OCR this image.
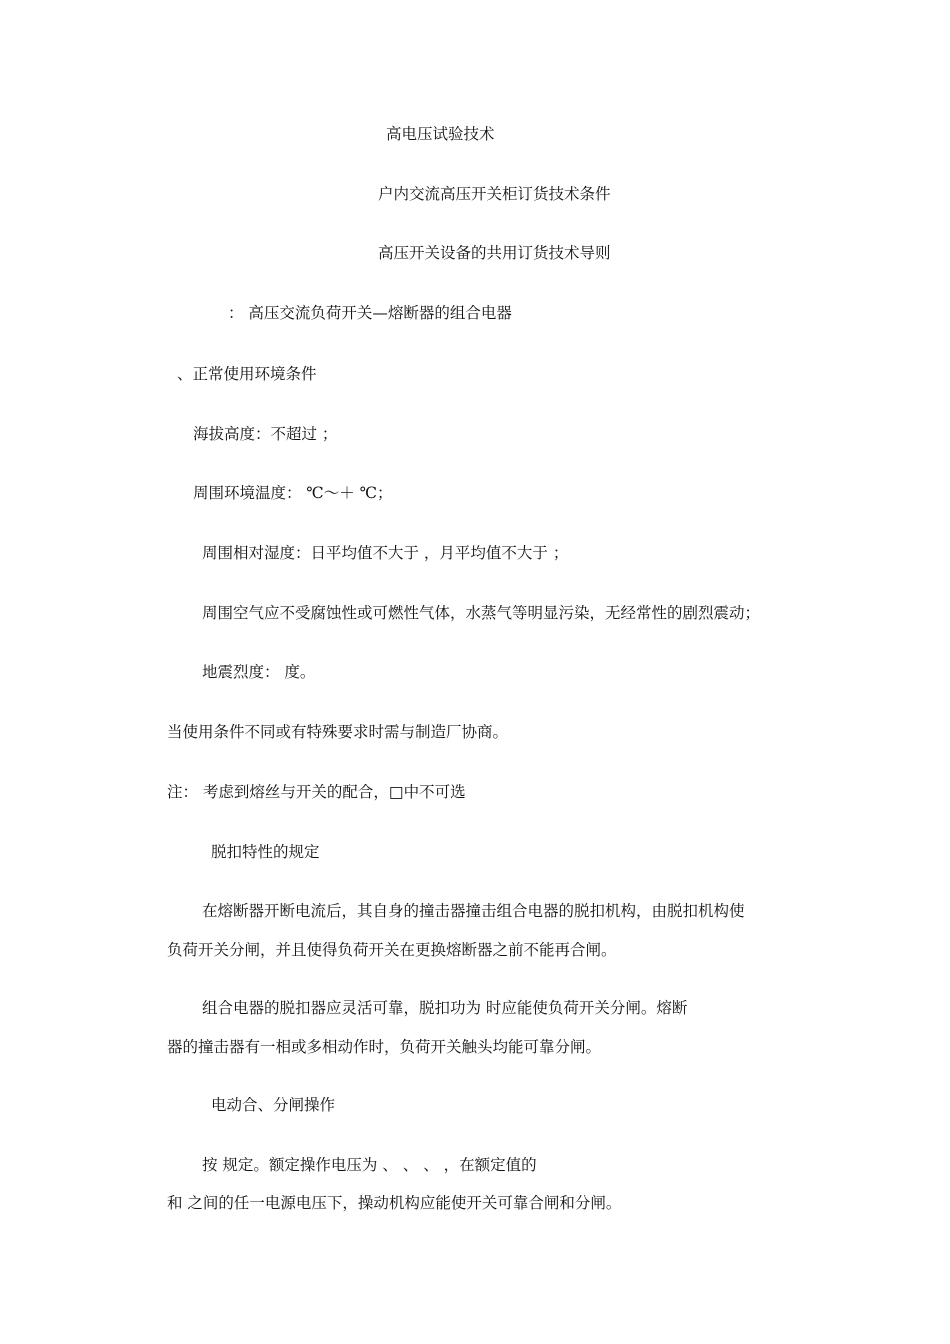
高电压试验技术

户内交流高压开关柜订货技术条件

高压开关设备的共用订货技术导则

： 高压交流负荷开关—熔断器的组合电器

、正常使用环境条件

海拔高度：不超过 ；

周围环境温度： ℃～＋ ℃；

周围相对湿度：日平均值不大于 ，月平均值不大于 ；

周围空气应不受腐蚀性或可燃性气体，水蒸气等明显污染，无经常性的剧烈震动；

地震烈度： 度。

当使用条件不同或有特殊要求时需与制造厂协商。

注： 考虑到熔丝与开关的配合，□中不可选

脱扣特性的规定

在熔断器开断电流后，其自身的撞击器撞击组合电器的脱扣机构，由脱扣机构使

负荷开关分闸，并且使得负荷开关在更换熔断器之前不能再合闸。

组合电器的脱扣器应灵活可靠，脱扣功为 时应能使负荷开关分闸。熔断

器的撞击器有一相或多相动作时，负荷开关触头均能可靠分闸。

电动合、分闸操作

按 规定。额定操作电压为 、 、 、 ，在额定值的

和 之间的任一电源电压下，操动机构应能使开关可靠合闸和分闸。
